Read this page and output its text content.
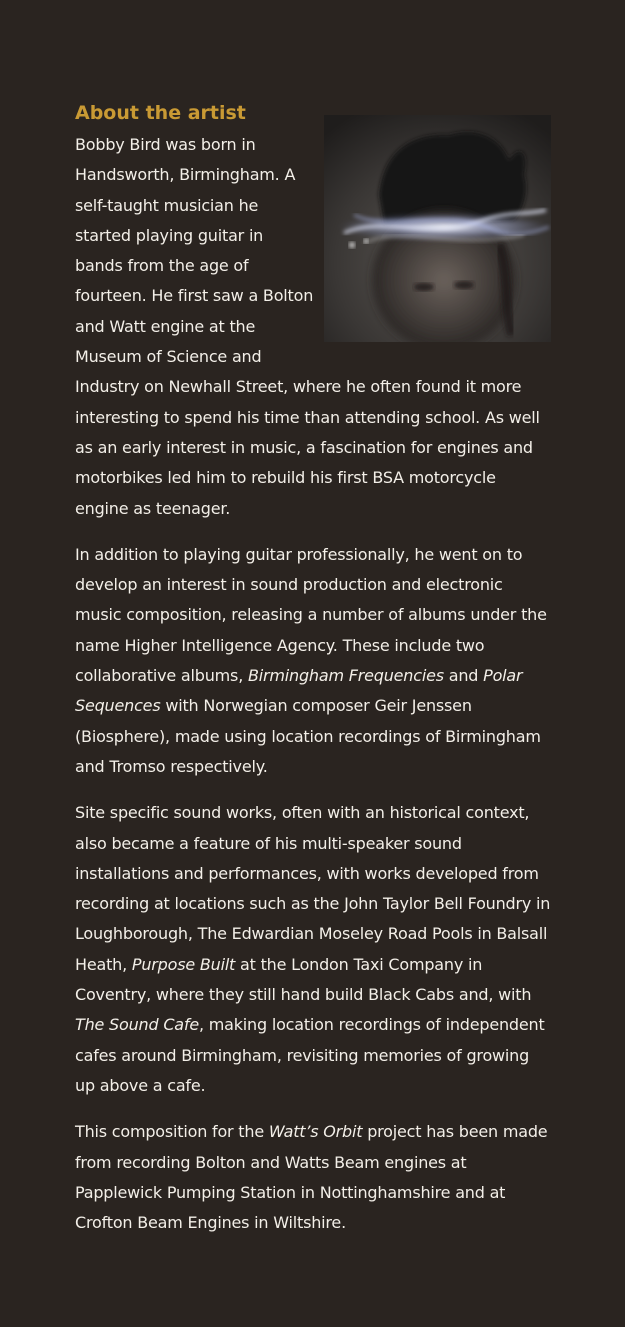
About the artist

Bobby Bird was born in Handsworth, Birmingham. A self-taught musician he started playing guitar in bands from the age of fourteen. He first saw a Bolton and Watt engine at the Museum of Science and Industry on Newhall Street, where he often found it more interesting to spend his time than attending school. As well as an early interest in music, a fascination for engines and motorbikes led him to rebuild his first BSA motorcycle engine as teenager.

In addition to playing guitar professionally, he went on to develop an interest in sound production and electronic music composition, releasing a number of albums under the name Higher Intelligence Agency. These include two collaborative albums, Birmingham Frequencies and Polar Sequences with Norwegian composer Geir Jenssen (Biosphere), made using location recordings of Birmingham and Tromso respectively.

Site specific sound works, often with an historical context, also became a feature of his multi-speaker sound installations and performances, with works developed from recording at locations such as the John Taylor Bell Foundry in Loughborough, The Edwardian Moseley Road Pools in Balsall Heath, Purpose Built at the London Taxi Company in Coventry, where they still hand build Black Cabs and, with The Sound Cafe, making location recordings of independent cafes around Birmingham, revisiting memories of growing up above a cafe.

This composition for the Watt’s Orbit project has been made from recording Bolton and Watts Beam engines at Papplewick Pumping Station in Nottinghamshire and at Crofton Beam Engines in Wiltshire.
